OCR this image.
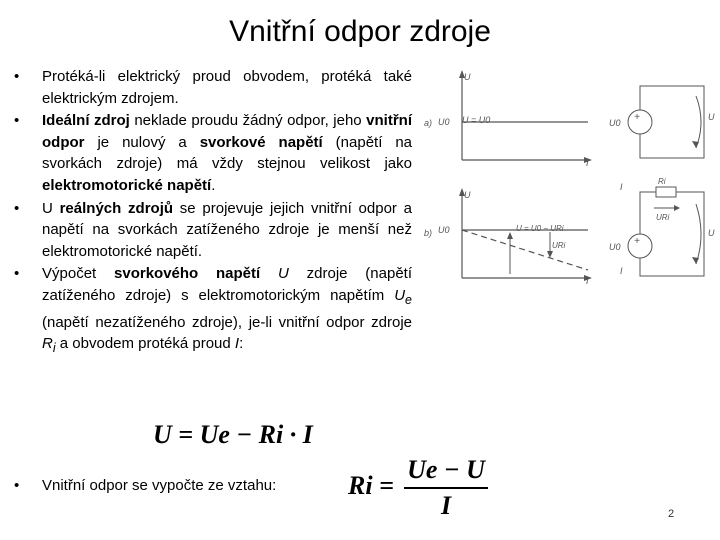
Vnitřní odpor zdroje
• Protéká-li elektrický proud obvodem, protéká také elektrickým zdrojem.
• Ideální zdroj neklade proudu žádný odpor, jeho vnitřní odpor je nulový a svorkové napětí (napětí na svorkách zdroje) má vždy stejnou velikost jako elektromotorické napětí.
• U reálných zdrojů se projevuje jejich vnitřní odpor a napětí na svorkách zatíženého zdroje je menší než elektromotorické napětí.
• Výpočet svorkového napětí U zdroje (napětí zatíženého zdroje) s elektromotorickým napětím $U_e$ (napětí nezatíženého zdroje), je-li vnitřní odpor zdroje $R_i$ a obvodem protéká proud I:
U = Ue − Ri · I
• Vnitřní odpor se vypočte ze vztahu:	Ri =
Ue − U
I
a)
U
U0 U = U0
I
+
U0
U
b)
U
U0	U = U0 − URi
URi
I
+
I
Ri
URi
U0
U
I
2
